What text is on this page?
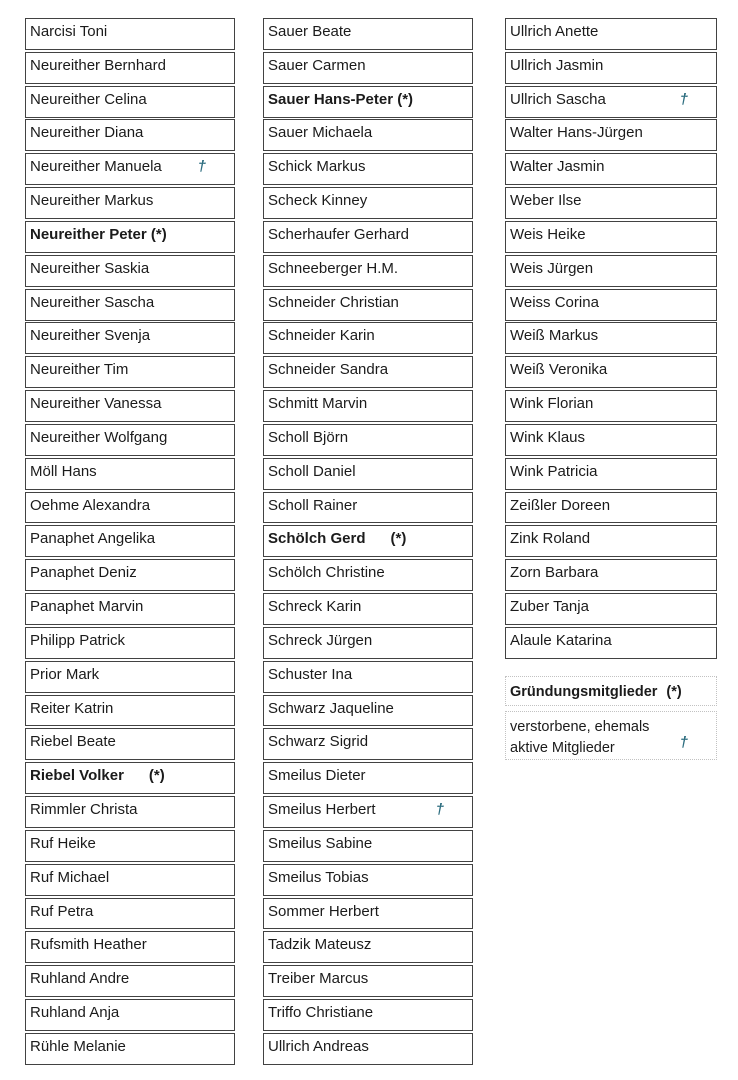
Narcisi Toni
Neureither Bernhard
Neureither Celina
Neureither Diana
Neureither Manuela †
Neureither Markus
Neureither Peter (*)
Neureither Saskia
Neureither Sascha
Neureither Svenja
Neureither Tim
Neureither Vanessa
Neureither Wolfgang
Möll Hans
Oehme Alexandra
Panaphet Angelika
Panaphet Deniz
Panaphet Marvin
Philipp Patrick
Prior Mark
Reiter Katrin
Riebel Beate
Riebel Volker      (*)
Rimmler Christa
Ruf Heike
Ruf Michael
Ruf Petra
Rufsmith Heather
Ruhland Andre
Ruhland Anja
Rühle Melanie
Sauer Beate
Sauer Carmen
Sauer Hans-Peter (*)
Sauer Michaela
Schick Markus
Scheck Kinney
Scherhaufer Gerhard
Schneeberger H.M.
Schneider Christian
Schneider Karin
Schneider Sandra
Schmitt Marvin
Scholl Björn
Scholl Daniel
Scholl Rainer
Schölch Gerd      (*)
Schölch Christine
Schreck Karin
Schreck Jürgen
Schuster Ina
Schwarz Jaqueline
Schwarz Sigrid
Smeilus Dieter
Smeilus Herbert	†
Smeilus Sabine
Smeilus Tobias
Sommer Herbert
Tadzik Mateusz
Treiber Marcus
Triffo Christiane
Ullrich Andreas
Ullrich Anette
Ullrich Jasmin
Ullrich Sascha	†
Walter Hans-Jürgen
Walter Jasmin
Weber Ilse
Weis Heike
Weis Jürgen
Weiss Corina
Weiß Markus
Weiß Veronika
Wink Florian
Wink Klaus
Wink Patricia
Zeißler Doreen
Zink Roland
Zorn Barbara
Zuber Tanja
Alaule Katarina
Gründungsmitglieder (*)
verstorbene, ehemals
aktive Mitglieder	†
